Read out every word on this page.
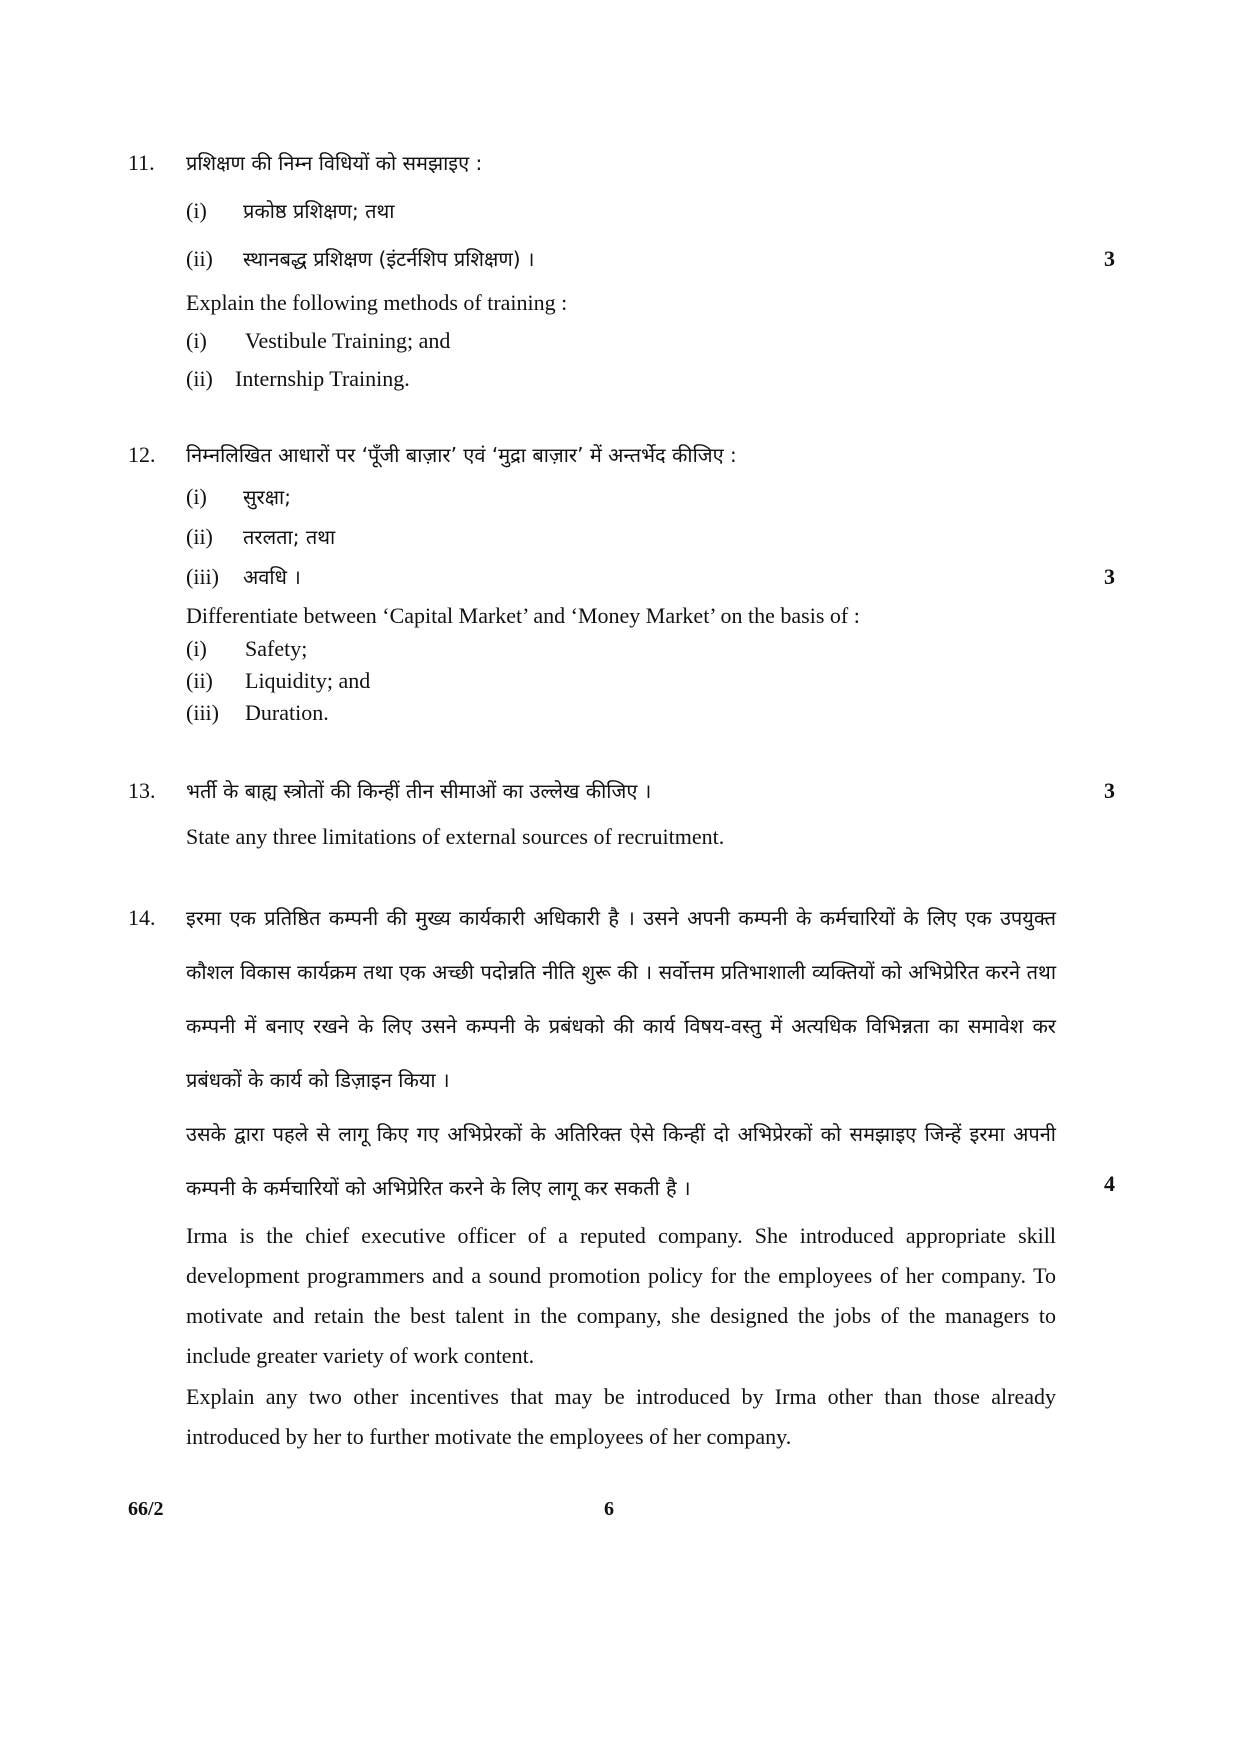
11. प्रशिक्षण की निम्न विधियों को समझाइए :
(i) प्रकोष्ठ प्रशिक्षण; तथा
(ii) स्थानबद्ध प्रशिक्षण (इंटर्नशिप प्रशिक्षण) ।	3
Explain the following methods of training :
(i) Vestibule Training; and
(ii) Internship Training.
12. निम्नलिखित आधारों पर ‘पूँजी बाज़ार’ एवं ‘मुद्रा बाज़ार’ में अन्तर्भेद कीजिए :
(i) सुरक्षा;
(ii) तरलता; तथा
(iii) अवधि ।	3
Differentiate between ‘Capital Market’ and ‘Money Market’ on the basis of :
(i) Safety;
(ii) Liquidity; and
(iii) Duration.
13. भर्ती के बाह्य स्त्रोतों की किन्हीं तीन सीमाओं का उल्लेख कीजिए ।	3
State any three limitations of external sources of recruitment.
14. इरमा एक प्रतिष्ठित कम्पनी की मुख्य कार्यकारी अधिकारी है । उसने अपनी कम्पनी के कर्मचारियों के लिए एक उपयुक्त कौशल विकास कार्यक्रम तथा एक अच्छी पदोन्नति नीति शुरू की । सर्वोत्तम प्रतिभाशाली व्यक्तियों को अभिप्रेरित करने तथा कम्पनी में बनाए रखने के लिए उसने कम्पनी के प्रबंधको की कार्य विषय-वस्तु में अत्यधिक विभिन्नता का समावेश कर प्रबंधकों के कार्य को डिज़ाइन किया ।
उसके द्वारा पहले से लागू किए गए अभिप्रेरकों के अतिरिक्त ऐसे किन्हीं दो अभिप्रेरकों को समझाइए जिन्हें इरमा अपनी कम्पनी के कर्मचारियों को अभिप्रेरित करने के लिए लागू कर सकती है ।	4
Irma is the chief executive officer of a reputed company. She introduced appropriate skill development programmers and a sound promotion policy for the employees of her company. To motivate and retain the best talent in the company, she designed the jobs of the managers to include greater variety of work content.
Explain any two other incentives that may be introduced by Irma other than those already introduced by her to further motivate the employees of her company.
66/2	6
